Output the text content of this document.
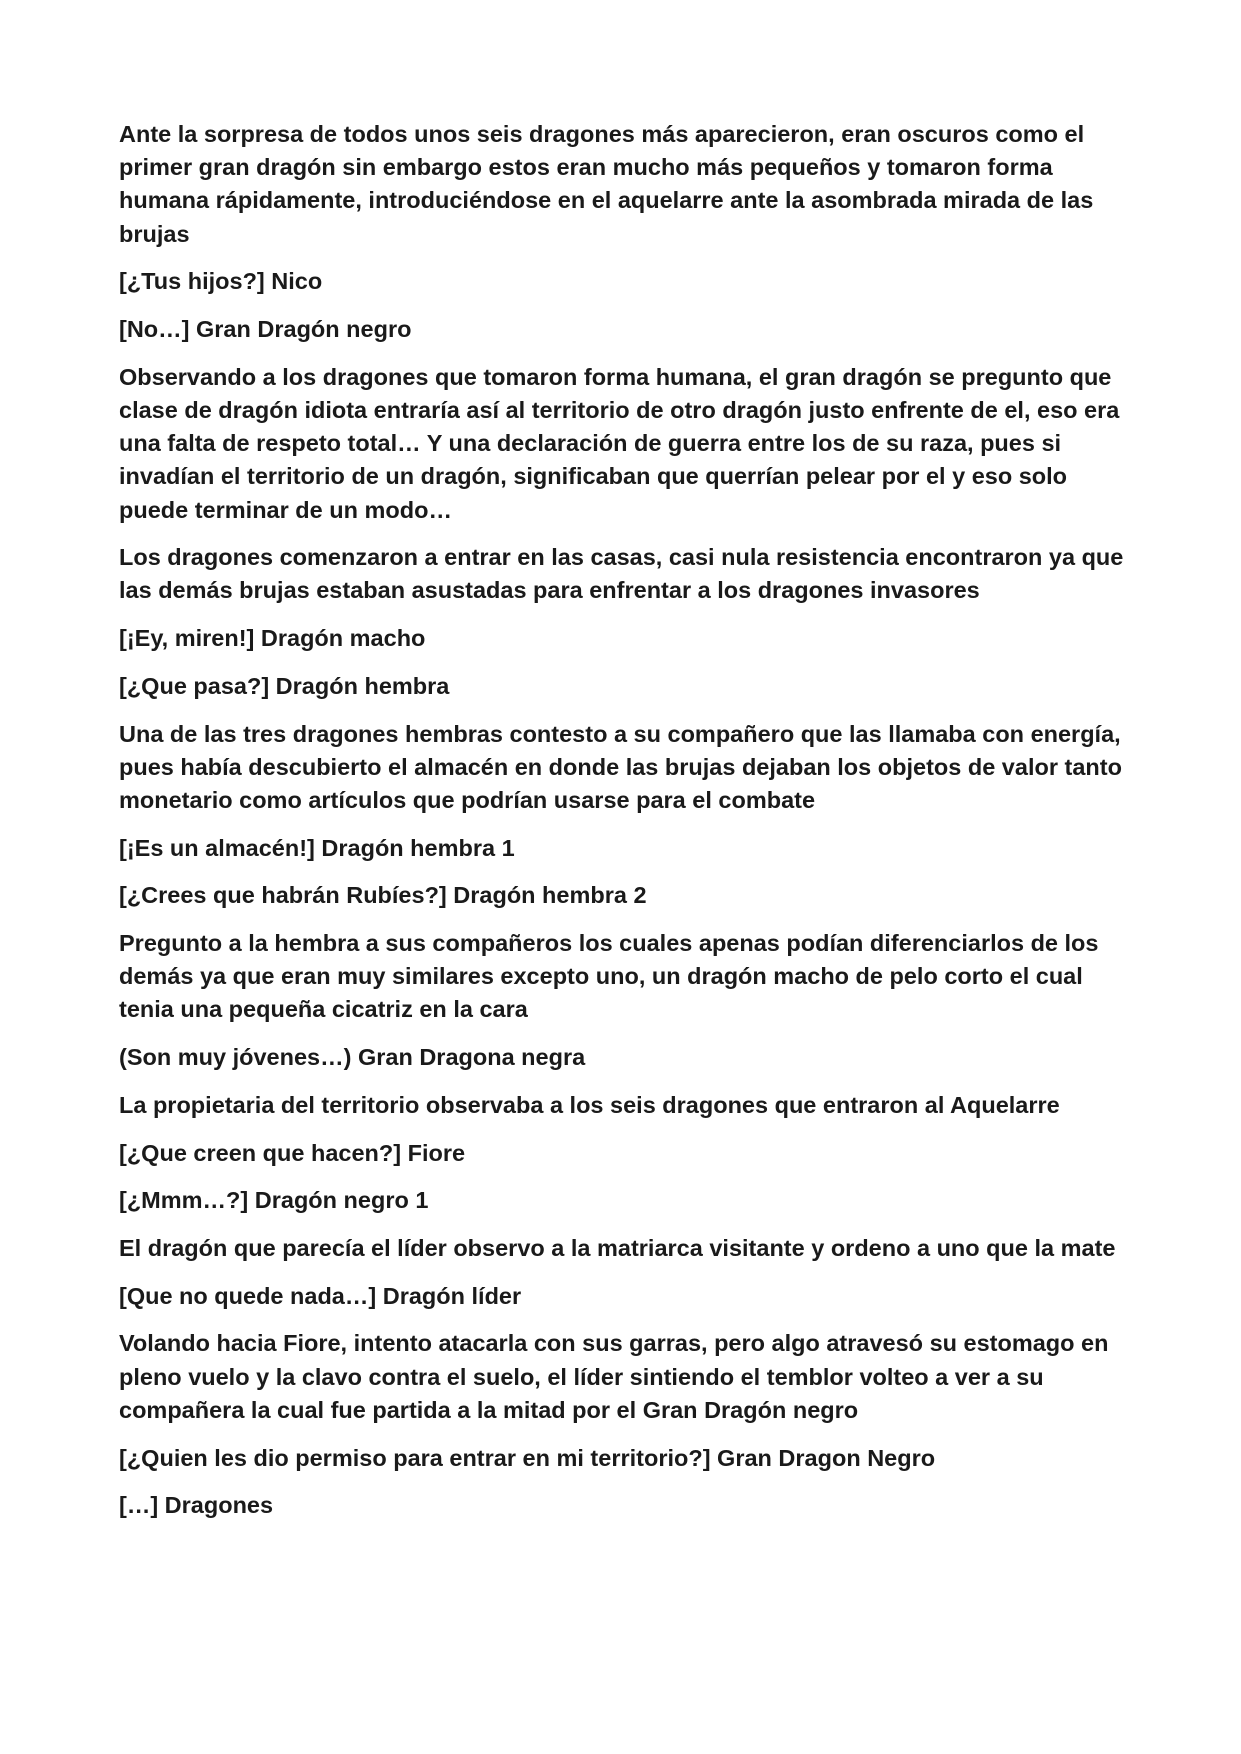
Ante la sorpresa de todos unos seis dragones más aparecieron, eran oscuros como el primer gran dragón sin embargo estos eran mucho más pequeños y tomaron forma humana rápidamente, introduciéndose en el aquelarre ante la asombrada mirada de las brujas

[¿Tus hijos?] Nico

[No…] Gran Dragón negro

Observando a los dragones que tomaron forma humana, el gran dragón se pregunto que clase de dragón idiota entraría así al territorio de otro dragón justo enfrente de el, eso era una falta de respeto total… Y una declaración de guerra entre los de su raza, pues si invadían el territorio de un dragón, significaban que querrían pelear por el y eso solo puede terminar de un modo…

Los dragones comenzaron a entrar en las casas, casi nula resistencia encontraron ya que las demás brujas estaban asustadas para enfrentar a los dragones invasores

[¡Ey, miren!] Dragón macho

[¿Que pasa?] Dragón hembra

Una de las tres dragones hembras contesto a su compañero que las llamaba con energía, pues había descubierto el almacén en donde las brujas dejaban los objetos de valor tanto monetario como artículos que podrían usarse para el combate

[¡Es un almacén!] Dragón hembra 1

[¿Crees que habrán Rubíes?] Dragón hembra 2

Pregunto a la hembra a sus compañeros los cuales apenas podían diferenciarlos de los demás ya que eran muy similares excepto uno, un dragón macho de pelo corto el cual tenia una pequeña cicatriz en la cara

(Son muy jóvenes…) Gran Dragona negra

La propietaria del territorio observaba a los seis dragones que entraron al Aquelarre

[¿Que creen que hacen?] Fiore

[¿Mmm…?] Dragón negro 1

El dragón que parecía el líder observo a la matriarca visitante y ordeno a uno que la mate

[Que no quede nada…] Dragón líder

Volando hacia Fiore, intento atacarla con sus garras, pero algo atravesó su estomago en pleno vuelo y la clavo contra el suelo, el líder sintiendo el temblor volteo a ver a su compañera la cual fue partida a la mitad por el Gran Dragón negro

[¿Quien les dio permiso para entrar en mi territorio?] Gran Dragon Negro

[…] Dragones
